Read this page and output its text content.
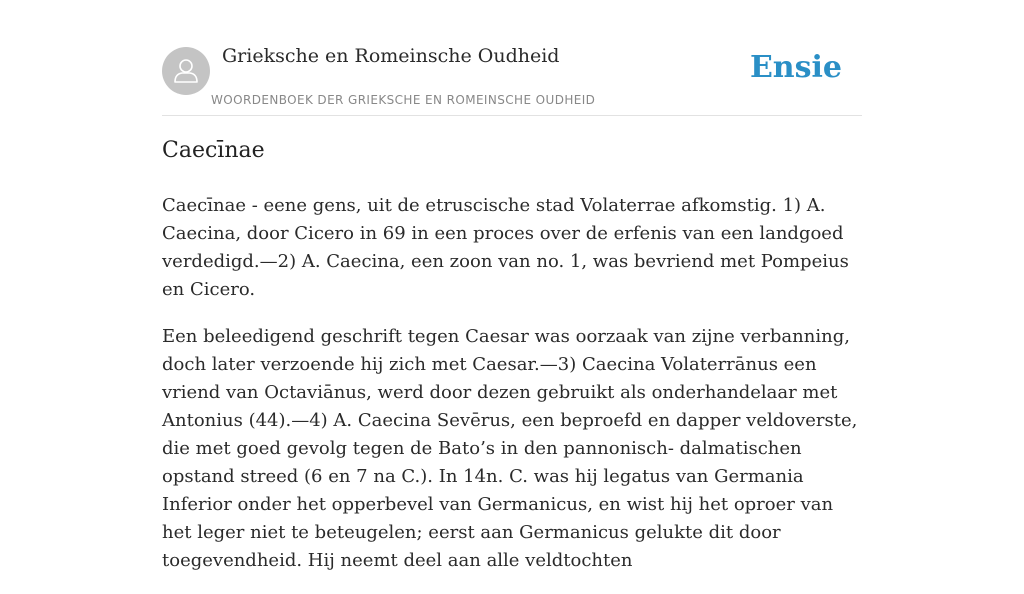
Grieksche en Romeinsche Oudheid
WOORDENBOEK DER GRIEKSCHE EN ROMEINSCHE OUDHEID
Ensie
Caecīnae

Caecīnae - eene gens, uit de etruscische stad Volaterrae afkomstig. 1) A. Caecina, door Cicero in 69 in een proces over de erfenis van een landgoed verdedigd.—2) A. Caecina, een zoon van no. 1, was bevriend met Pompeius en Cicero.

Een beleedigend geschrift tegen Caesar was oorzaak van zijne verbanning, doch later verzoende hij zich met Caesar.—3) Caecina Volaterrānus een vriend van Octaviānus, werd door dezen gebruikt als onderhandelaar met Antonius (44).—4) A. Caecina Sevērus, een beproefd en dapper veldoverste, die met goed gevolg tegen de Bato’s in den pannonisch- dalmatischen opstand streed (6 en 7 na C.). In 14n. C. was hij legatus van Germania Inferior onder het opperbevel van Germanicus, en wist hij het oproer van het leger niet te beteugelen; eerst aan Germanicus gelukte dit door toegevendheid. Hij neemt deel aan alle veldtochten
